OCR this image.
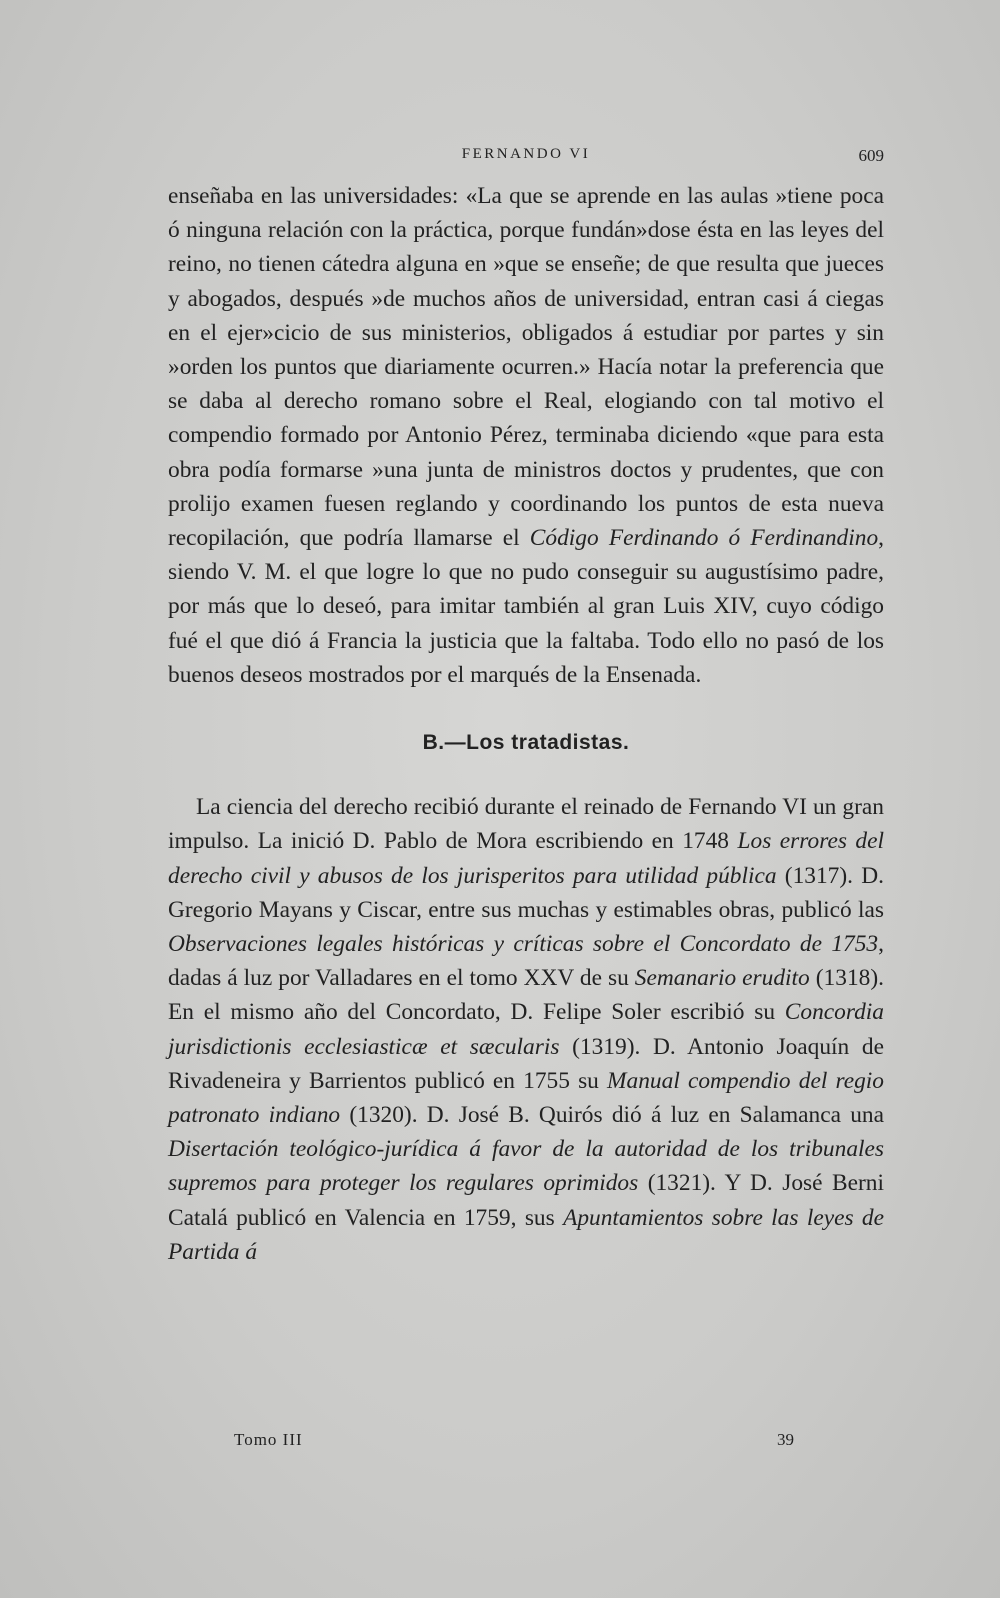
FERNANDO VI	609

enseñaba en las universidades: «La que se aprende en las aulas »tiene poca ó ninguna relación con la práctica, porque fundán»dose ésta en las leyes del reino, no tienen cátedra alguna en »que se enseñe; de que resulta que jueces y abogados, después »de muchos años de universidad, entran casi á ciegas en el ejer»cicio de sus ministerios, obligados á estudiar por partes y sin »orden los puntos que diariamente ocurren.» Hacía notar la preferencia que se daba al derecho romano sobre el Real, elogiando con tal motivo el compendio formado por Antonio Pérez, terminaba diciendo «que para esta obra podía formarse »una junta de ministros doctos y prudentes, que con prolijo examen fuesen reglando y coordinando los puntos de esta nueva recopilación, que podría llamarse el Código Ferdinando ó Ferdinandino, siendo V. M. el que logre lo que no pudo conseguir su augustísimo padre, por más que lo deseó, para imitar también al gran Luis XIV, cuyo código fué el que dió á Francia la justicia que la faltaba. Todo ello no pasó de los buenos deseos mostrados por el marqués de la Ensenada.

B.—Los tratadistas.

La ciencia del derecho recibió durante el reinado de Fernando VI un gran impulso. La inició D. Pablo de Mora escribiendo en 1748 Los errores del derecho civil y abusos de los jurisperitos para utilidad pública (1317). D. Gregorio Mayans y Ciscar, entre sus muchas y estimables obras, publicó las Observaciones legales históricas y críticas sobre el Concordato de 1753, dadas á luz por Valladares en el tomo XXV de su Semanario erudito (1318). En el mismo año del Concordato, D. Felipe Soler escribió su Concordia jurisdictionis ecclesiasticæ et sæcularis (1319). D. Antonio Joaquín de Rivadeneira y Barrientos publicó en 1755 su Manual compendio del regio patronato indiano (1320). D. José B. Quirós dió á luz en Salamanca una Disertación teológico-jurídica á favor de la autoridad de los tribunales supremos para proteger los regulares oprimidos (1321). Y D. José Berni Catalá publicó en Valencia en 1759, sus Apuntamientos sobre las leyes de Partida á

Tomo III	39
